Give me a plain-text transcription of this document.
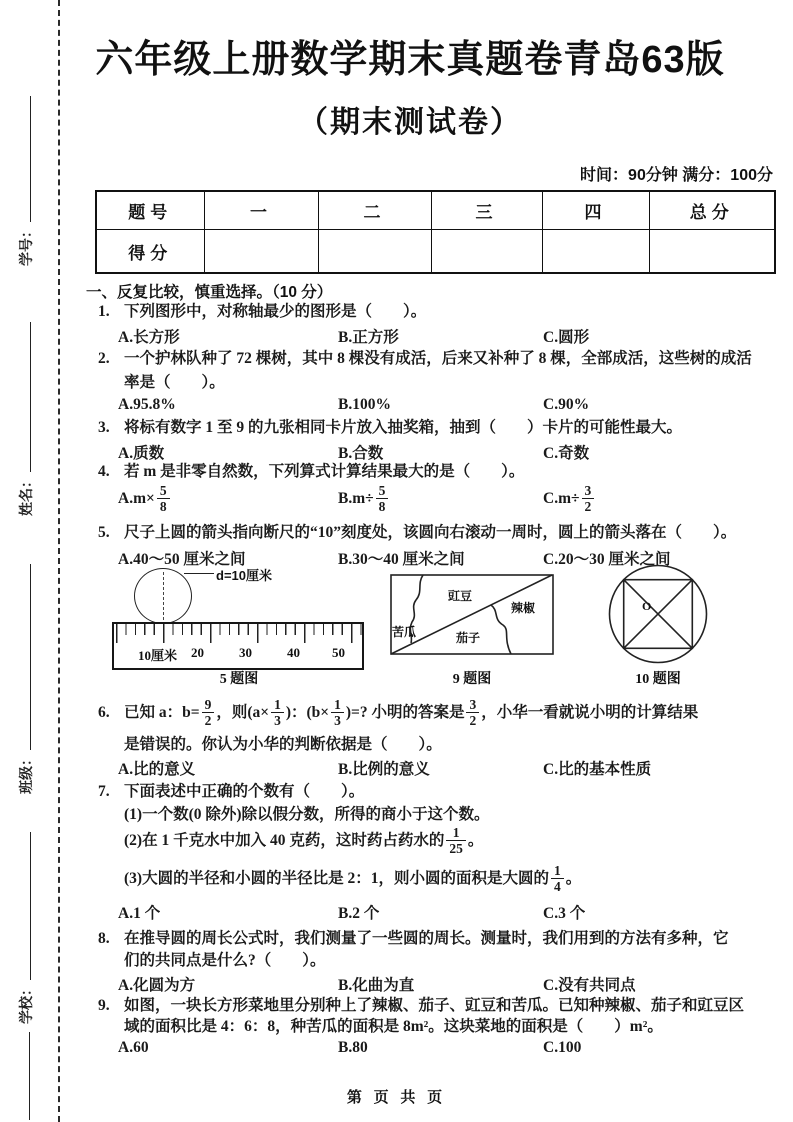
学号：
姓名：
班级：
学校：
六年级上册数学期末真题卷青岛63版
（期末测试卷）
时间：90分钟 满分：100分
题号	一	二	三	四	总分
得分					
一、反复比较，慎重选择。（10 分）
1. 下列图形中，对称轴最少的图形是（　　）。
A.长方形	B.正方形	C.圆形
2. 一个护林队种了 72 棵树，其中 8 棵没有成活，后来又补种了 8 棵，全部成活，这些树的成活
率是（　　）。
A.95.8%	B.100%	C.90%
3. 将标有数字 1 至 9 的九张相同卡片放入抽奖箱，抽到（　　）卡片的可能性最大。
A.质数	B.合数	C.奇数
4. 若 m 是非零自然数，下列算式计算结果最大的是（　　）。
$A.m\times \frac{5}{8}$	$B.m\div \frac{5}{8}$	$C.m\div \frac{3}{2}$
5. 尺子上圆的箭头指向断尺的“10”刻度处，该圆向右滚动一周时，圆上的箭头落在（　　）。
A.40～50 厘米之间	B.30～40 厘米之间	C.20～30 厘米之间
d=10厘米
10厘米 20	30	40 50
5 题图
豇豆
辣椒
苦瓜	茄子
9 题图
O
10 题图
6. 已知 a：$b= \frac{9}{2}$ ，则($a\times \frac{1}{3}$ )：($b\times \frac{1}{3}$ )=? 小明的答案是 $\frac{3}{2}$ ，小华一看就说小明的计算结果
是错误的。你认为小华的判断依据是（　　）。
A.比的意义	B.比例的意义	C.比的基本性质
7. 下面表述中正确的个数有（　　）。
(1)一个数(0 除外)除以假分数，所得的商小于这个数。
(2)在 1 千克水中加入 40 克药，这时药占药水的 $\frac{1}{25}$ 。
(3)大圆的半径和小圆的半径比是 2：1，则小圆的面积是大圆的 $\frac{1}{4}$ 。
A.1 个	B.2 个	C.3 个
8. 在推导圆的周长公式时，我们测量了一些圆的周长。测量时，我们用到的方法有多种，它
们的共同点是什么?（　　）。
A.化圆为方	B.化曲为直	C.没有共同点
9. 如图，一块长方形菜地里分别种上了辣椒、茄子、豇豆和苦瓜。已知种辣椒、茄子和豇豆区
域的面积比是 4：6：8，种苦瓜的面积是 8m²。这块菜地的面积是（　　）m²。
A.60	B.80	C.100
第 页 共 页
